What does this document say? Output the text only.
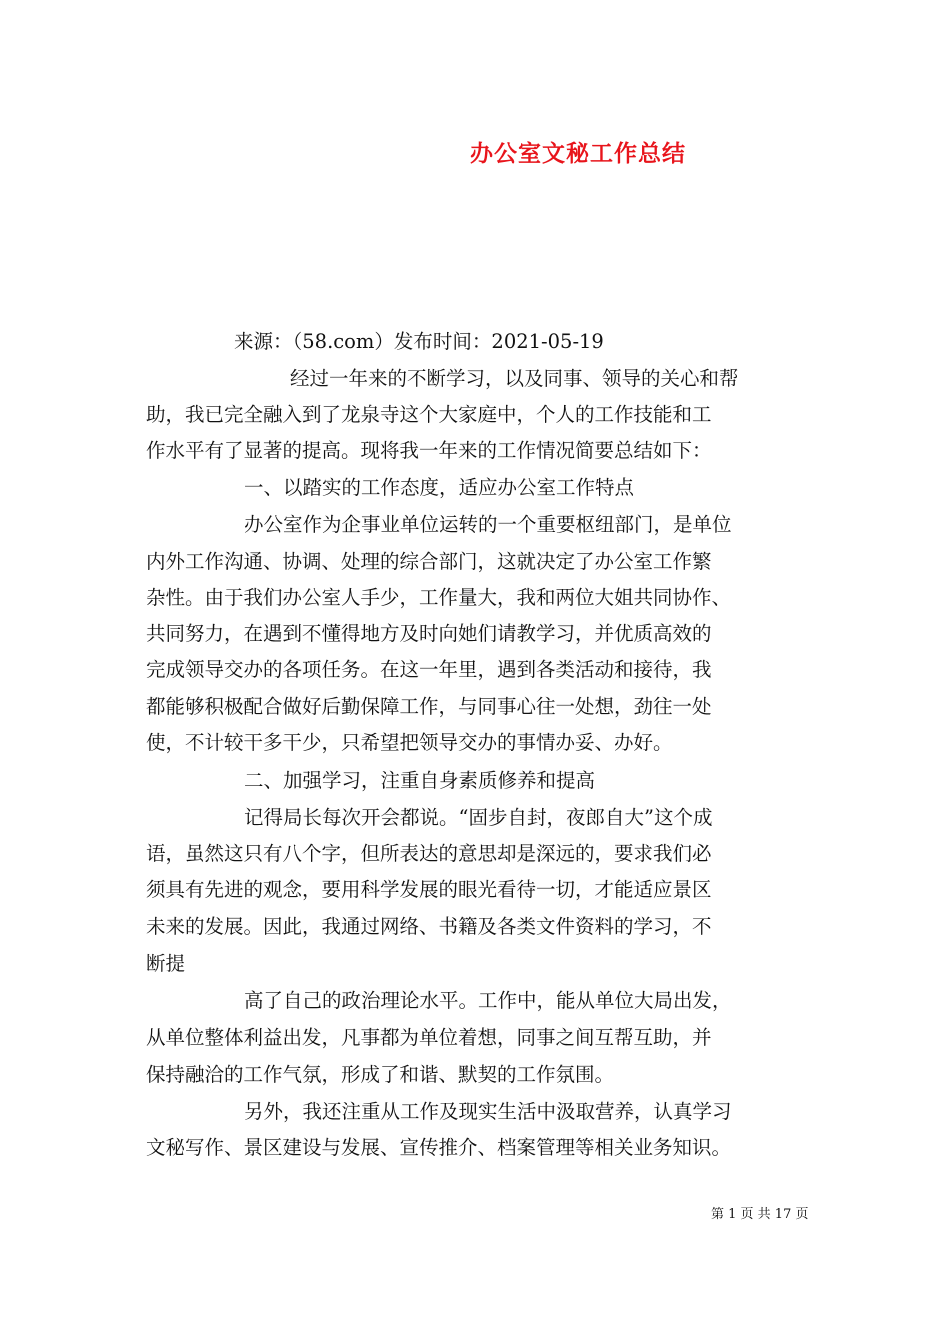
办公室文秘工作总结
来源：（58.com）发布时间：2021-05-19
经过一年来的不断学习，以及同事、领导的关心和帮
助，我已完全融入到了龙泉寺这个大家庭中，个人的工作技能和工
作水平有了显著的提高。现将我一年来的工作情况简要总结如下：
一、以踏实的工作态度，适应办公室工作特点
办公室作为企事业单位运转的一个重要枢纽部门，是单位
内外工作沟通、协调、处理的综合部门，这就决定了办公室工作繁
杂性。由于我们办公室人手少，工作量大，我和两位大姐共同协作、
共同努力，在遇到不懂得地方及时向她们请教学习，并优质高效的
完成领导交办的各项任务。在这一年里，遇到各类活动和接待，我
都能够积极配合做好后勤保障工作，与同事心往一处想，劲往一处
使，不计较干多干少，只希望把领导交办的事情办妥、办好。
二、加强学习，注重自身素质修养和提高
记得局长每次开会都说。“固步自封，夜郎自大”这个成
语，虽然这只有八个字，但所表达的意思却是深远的，要求我们必
须具有先进的观念，要用科学发展的眼光看待一切，才能适应景区
未来的发展。因此，我通过网络、书籍及各类文件资料的学习，不
断提
高了自己的政治理论水平。工作中，能从单位大局出发，
从单位整体利益出发，凡事都为单位着想，同事之间互帮互助，并
保持融洽的工作气氛，形成了和谐、默契的工作氛围。
另外，我还注重从工作及现实生活中汲取营养，认真学习
文秘写作、景区建设与发展、宣传推介、档案管理等相关业务知识。
第 1 页 共 17 页
